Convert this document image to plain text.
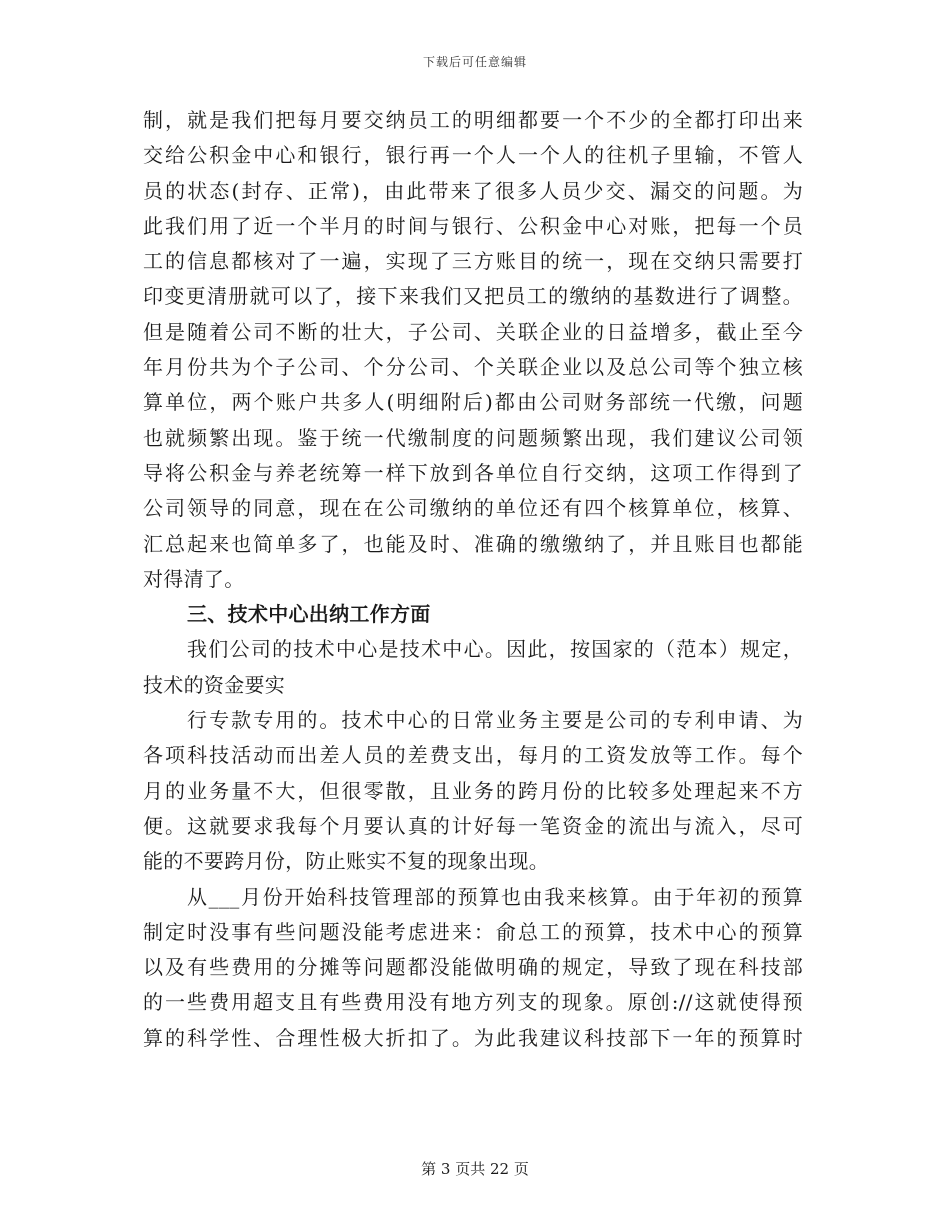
下载后可任意编辑
制，就是我们把每月要交纳员工的明细都要一个不少的全都打印出来
交给公积金中心和银行，银行再一个人一个人的往机子里输，不管人
员的状态(封存、正常)，由此带来了很多人员少交、漏交的问题。为
此我们用了近一个半月的时间与银行、公积金中心对账，把每一个员
工的信息都核对了一遍，实现了三方账目的统一，现在交纳只需要打
印变更清册就可以了，接下来我们又把员工的缴纳的基数进行了调整。
但是随着公司不断的壮大，子公司、关联企业的日益增多，截止至今
年月份共为个子公司、个分公司、个关联企业以及总公司等个独立核
算单位，两个账户共多人(明细附后)都由公司财务部统一代缴，问题
也就频繁出现。鉴于统一代缴制度的问题频繁出现，我们建议公司领
导将公积金与养老统筹一样下放到各单位自行交纳，这项工作得到了
公司领导的同意，现在在公司缴纳的单位还有四个核算单位，核算、
汇总起来也简单多了，也能及时、准确的缴缴纳了，并且账目也都能
对得清了。
三、技术中心出纳工作方面
我们公司的技术中心是技术中心。因此，按国家的（范本）规定，
技术的资金要实
行专款专用的。技术中心的日常业务主要是公司的专利申请、为
各项科技活动而出差人员的差费支出，每月的工资发放等工作。每个
月的业务量不大，但很零散，且业务的跨月份的比较多处理起来不方
便。这就要求我每个月要认真的计好每一笔资金的流出与流入，尽可
能的不要跨月份，防止账实不复的现象出现。
从___月份开始科技管理部的预算也由我来核算。由于年初的预算
制定时没事有些问题没能考虑进来：俞总工的预算，技术中心的预算
以及有些费用的分摊等问题都没能做明确的规定，导致了现在科技部
的一些费用超支且有些费用没有地方列支的现象。原创://这就使得预
算的科学性、合理性极大折扣了。为此我建议科技部下一年的预算时
第 3 页共 22 页
